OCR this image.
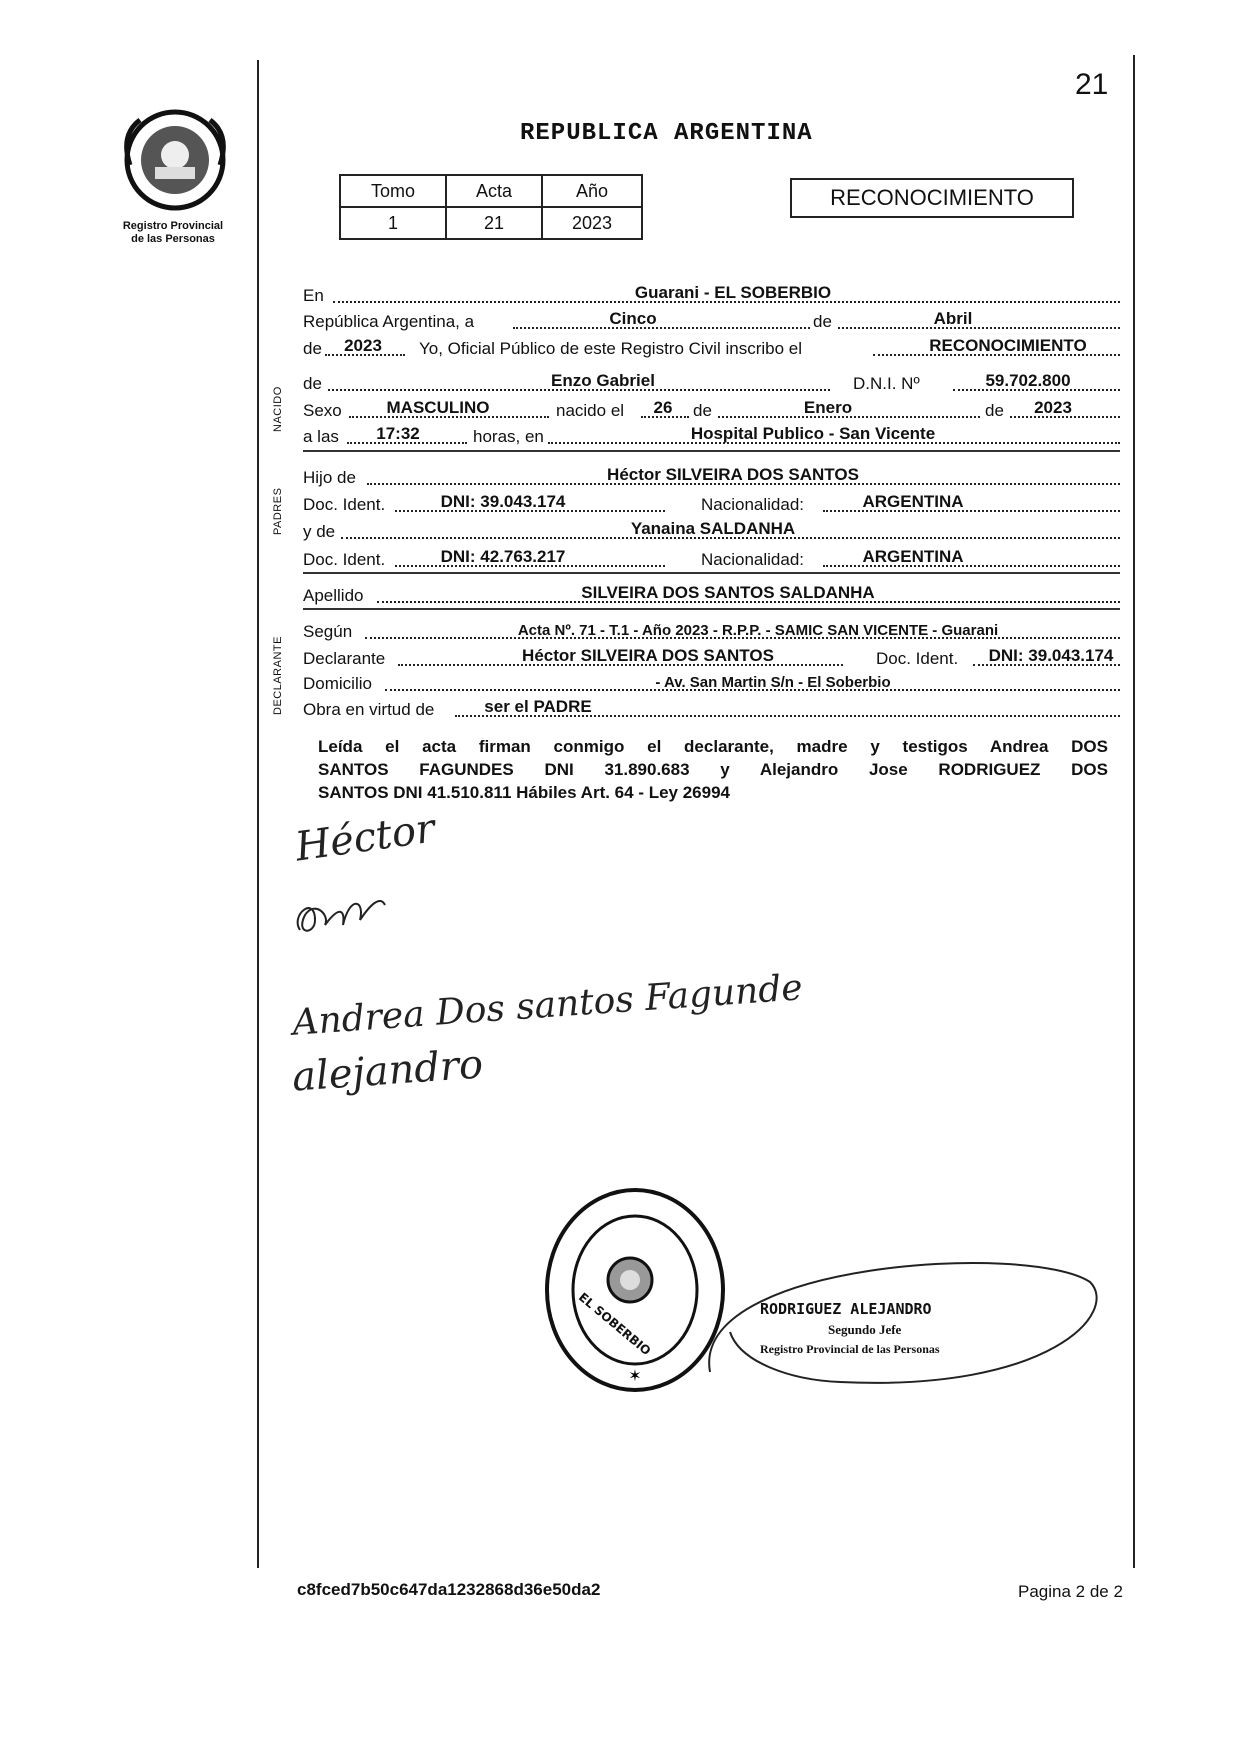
21
Registro Provincial
de las Personas
REPUBLICA ARGENTINA
Tomo	Acta	Año
1	21	2023
RECONOCIMIENTO
NACIDO
PADRES
DECLARANTE
En	Guarani - EL SOBERBIO
República Argentina, a	Cinco	de	Abril
de	2023	Yo, Oficial Público de este Registro Civil inscribo el	RECONOCIMIENTO
de	Enzo Gabriel	D.N.I. Nº	59.702.800
Sexo	MASCULINO	nacido el	26	de	Enero	de	2023
a las	17:32	horas, en	Hospital Publico - San Vicente
Hijo de	Héctor SILVEIRA DOS SANTOS
Doc. Ident.	DNI: 39.043.174	Nacionalidad:	ARGENTINA
y de	Yanaina SALDANHA
Doc. Ident.	DNI: 42.763.217	Nacionalidad:	ARGENTINA
Apellido	SILVEIRA DOS SANTOS SALDANHA
Según	Acta Nº. 71 - T.1 - Año 2023 - R.P.P. - SAMIC SAN VICENTE - Guarani
Declarante	Héctor SILVEIRA DOS SANTOS	Doc. Ident.	DNI: 39.043.174
Domicilio	- Av. San Martin S/n - El Soberbio
Obra en virtud de	ser el PADRE
Leída el acta firman conmigo el declarante, madre y testigos Andrea DOS
SANTOS FAGUNDES DNI 31.890.683 y Alejandro Jose RODRIGUEZ DOS
SANTOS DNI 41.510.811 Hábiles Art. 64 - Ley 26994
Héctor
Andrea Dos santos Fagunde
alejandro
✶
EL SOBERBIO	RODRIGUEZ ALEJANDRO
Segundo Jefe
Registro Provincial de las Personas
c8fced7b50c647da1232868d36e50da2	Pagina 2 de 2
